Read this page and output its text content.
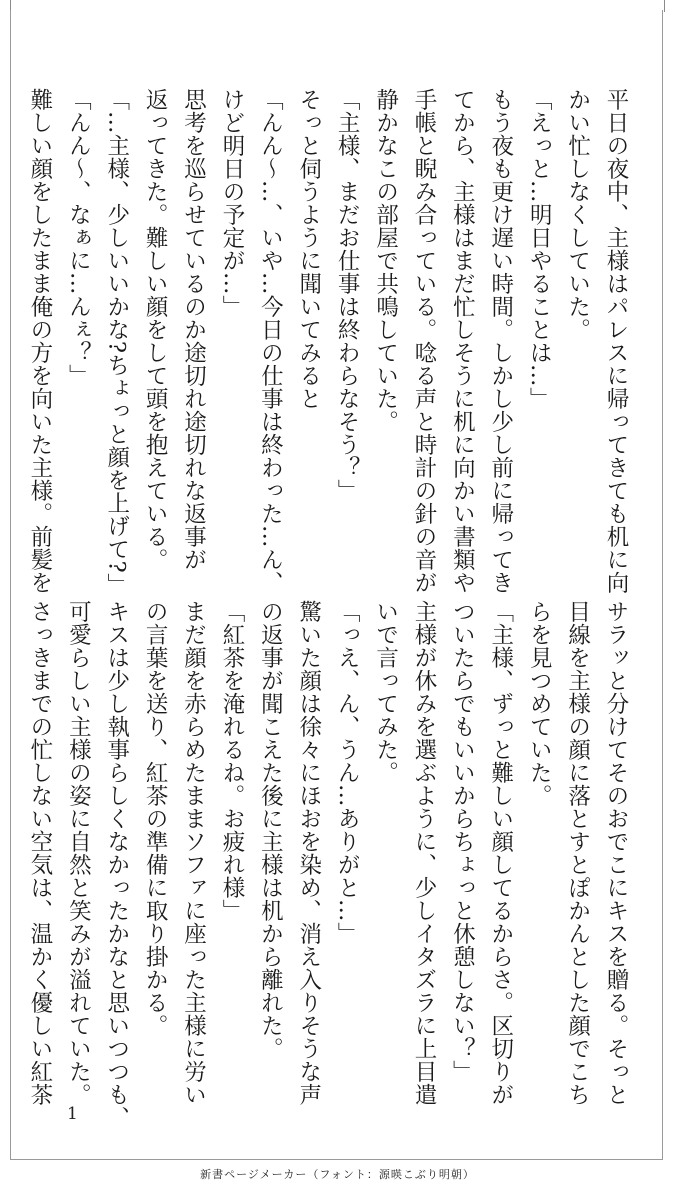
平日の夜中、主様はパレスに帰ってきても机に向
かい忙しなくしていた。
「えっと…明日やることは…」
もう夜も更け遅い時間。しかし少し前に帰ってき
てから、主様はまだ忙しそうに机に向かい書類や
手帳と睨み合っている。唸る声と時計の針の音が
静かなこの部屋で共鳴していた。
「主様、まだお仕事は終わらなそう？」
そっと伺うように聞いてみると
「んん〜…、いや…今日の仕事は終わった…ん、
けど明日の予定が…」
思考を巡らせているのか途切れ途切れな返事が
返ってきた。難しい顔をして頭を抱えている。
「…主様、少しいいかな?ちょっと顔を上げて?」
「んん〜、なぁに…んぇ？」
難しい顔をしたまま俺の方を向いた主様。前髪を
サラッと分けてそのおでこにキスを贈る。そっと
目線を主様の顔に落とすとぽかんとした顔でこち
らを見つめていた。
「主様、ずっと難しい顔してるからさ。区切りが
ついたらでもいいからちょっと休憩しない？」
主様が休みを選ぶように、少しイタズラに上目遣
いで言ってみた。
「っえ、ん、うん…ありがと…」
驚いた顔は徐々にほおを染め、消え入りそうな声
の返事が聞こえた後に主様は机から離れた。
「紅茶を淹れるね。お疲れ様」
まだ顔を赤らめたままソファに座った主様に労い
の言葉を送り、紅茶の準備に取り掛かる。
キスは少し執事らしくなかったかなと思いつつも、
可愛らしい主様の姿に自然と笑みが溢れていた。
さっきまでの忙しない空気は、温かく優しい紅茶
1
新書ページメーカー（フォント：源暎こぶり明朝）
